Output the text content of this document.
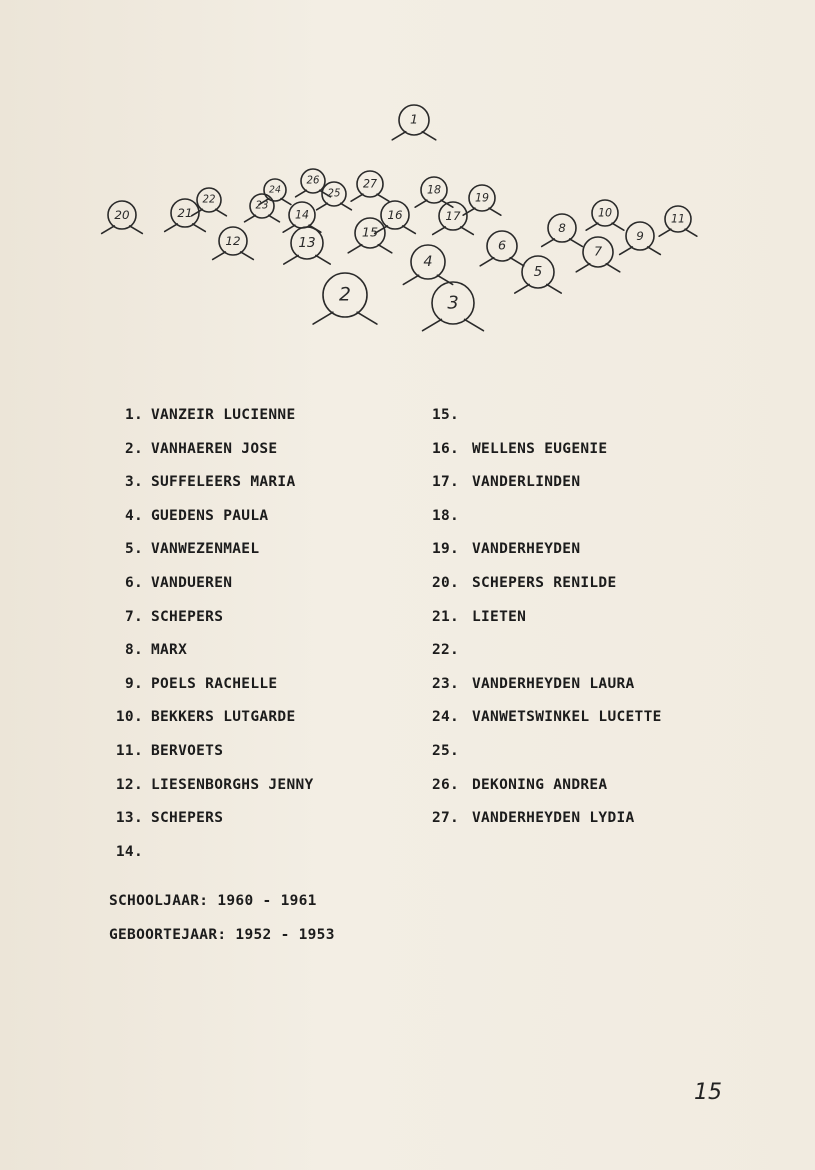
1
2	3
4
5
6	7
8
9
10	11
12	13
14
15
16	17
18
19
20	21
22
23
24	25
26	27
1. VANZEIR LUCIENNE
2. VANHAEREN JOSE
3. SUFFELEERS MARIA
4. GUEDENS PAULA
5. VANWEZENMAEL
6. VANDUEREN
7. SCHEPERS
8. MARX
9. POELS RACHELLE
10. BEKKERS LUTGARDE
11. BERVOETS
12. LIESENBORGHS JENNY
13. SCHEPERS
14.
15.
16. WELLENS EUGENIE
17. VANDERLINDEN
18.
19. VANDERHEYDEN
20. SCHEPERS RENILDE
21. LIETEN
22.
23. VANDERHEYDEN LAURA
24. VANWETSWINKEL LUCETTE
25.
26. DEKONING ANDREA
27. VANDERHEYDEN LYDIA
SCHOOLJAAR: 1960 - 1961
GEBOORTEJAAR: 1952 - 1953
15
